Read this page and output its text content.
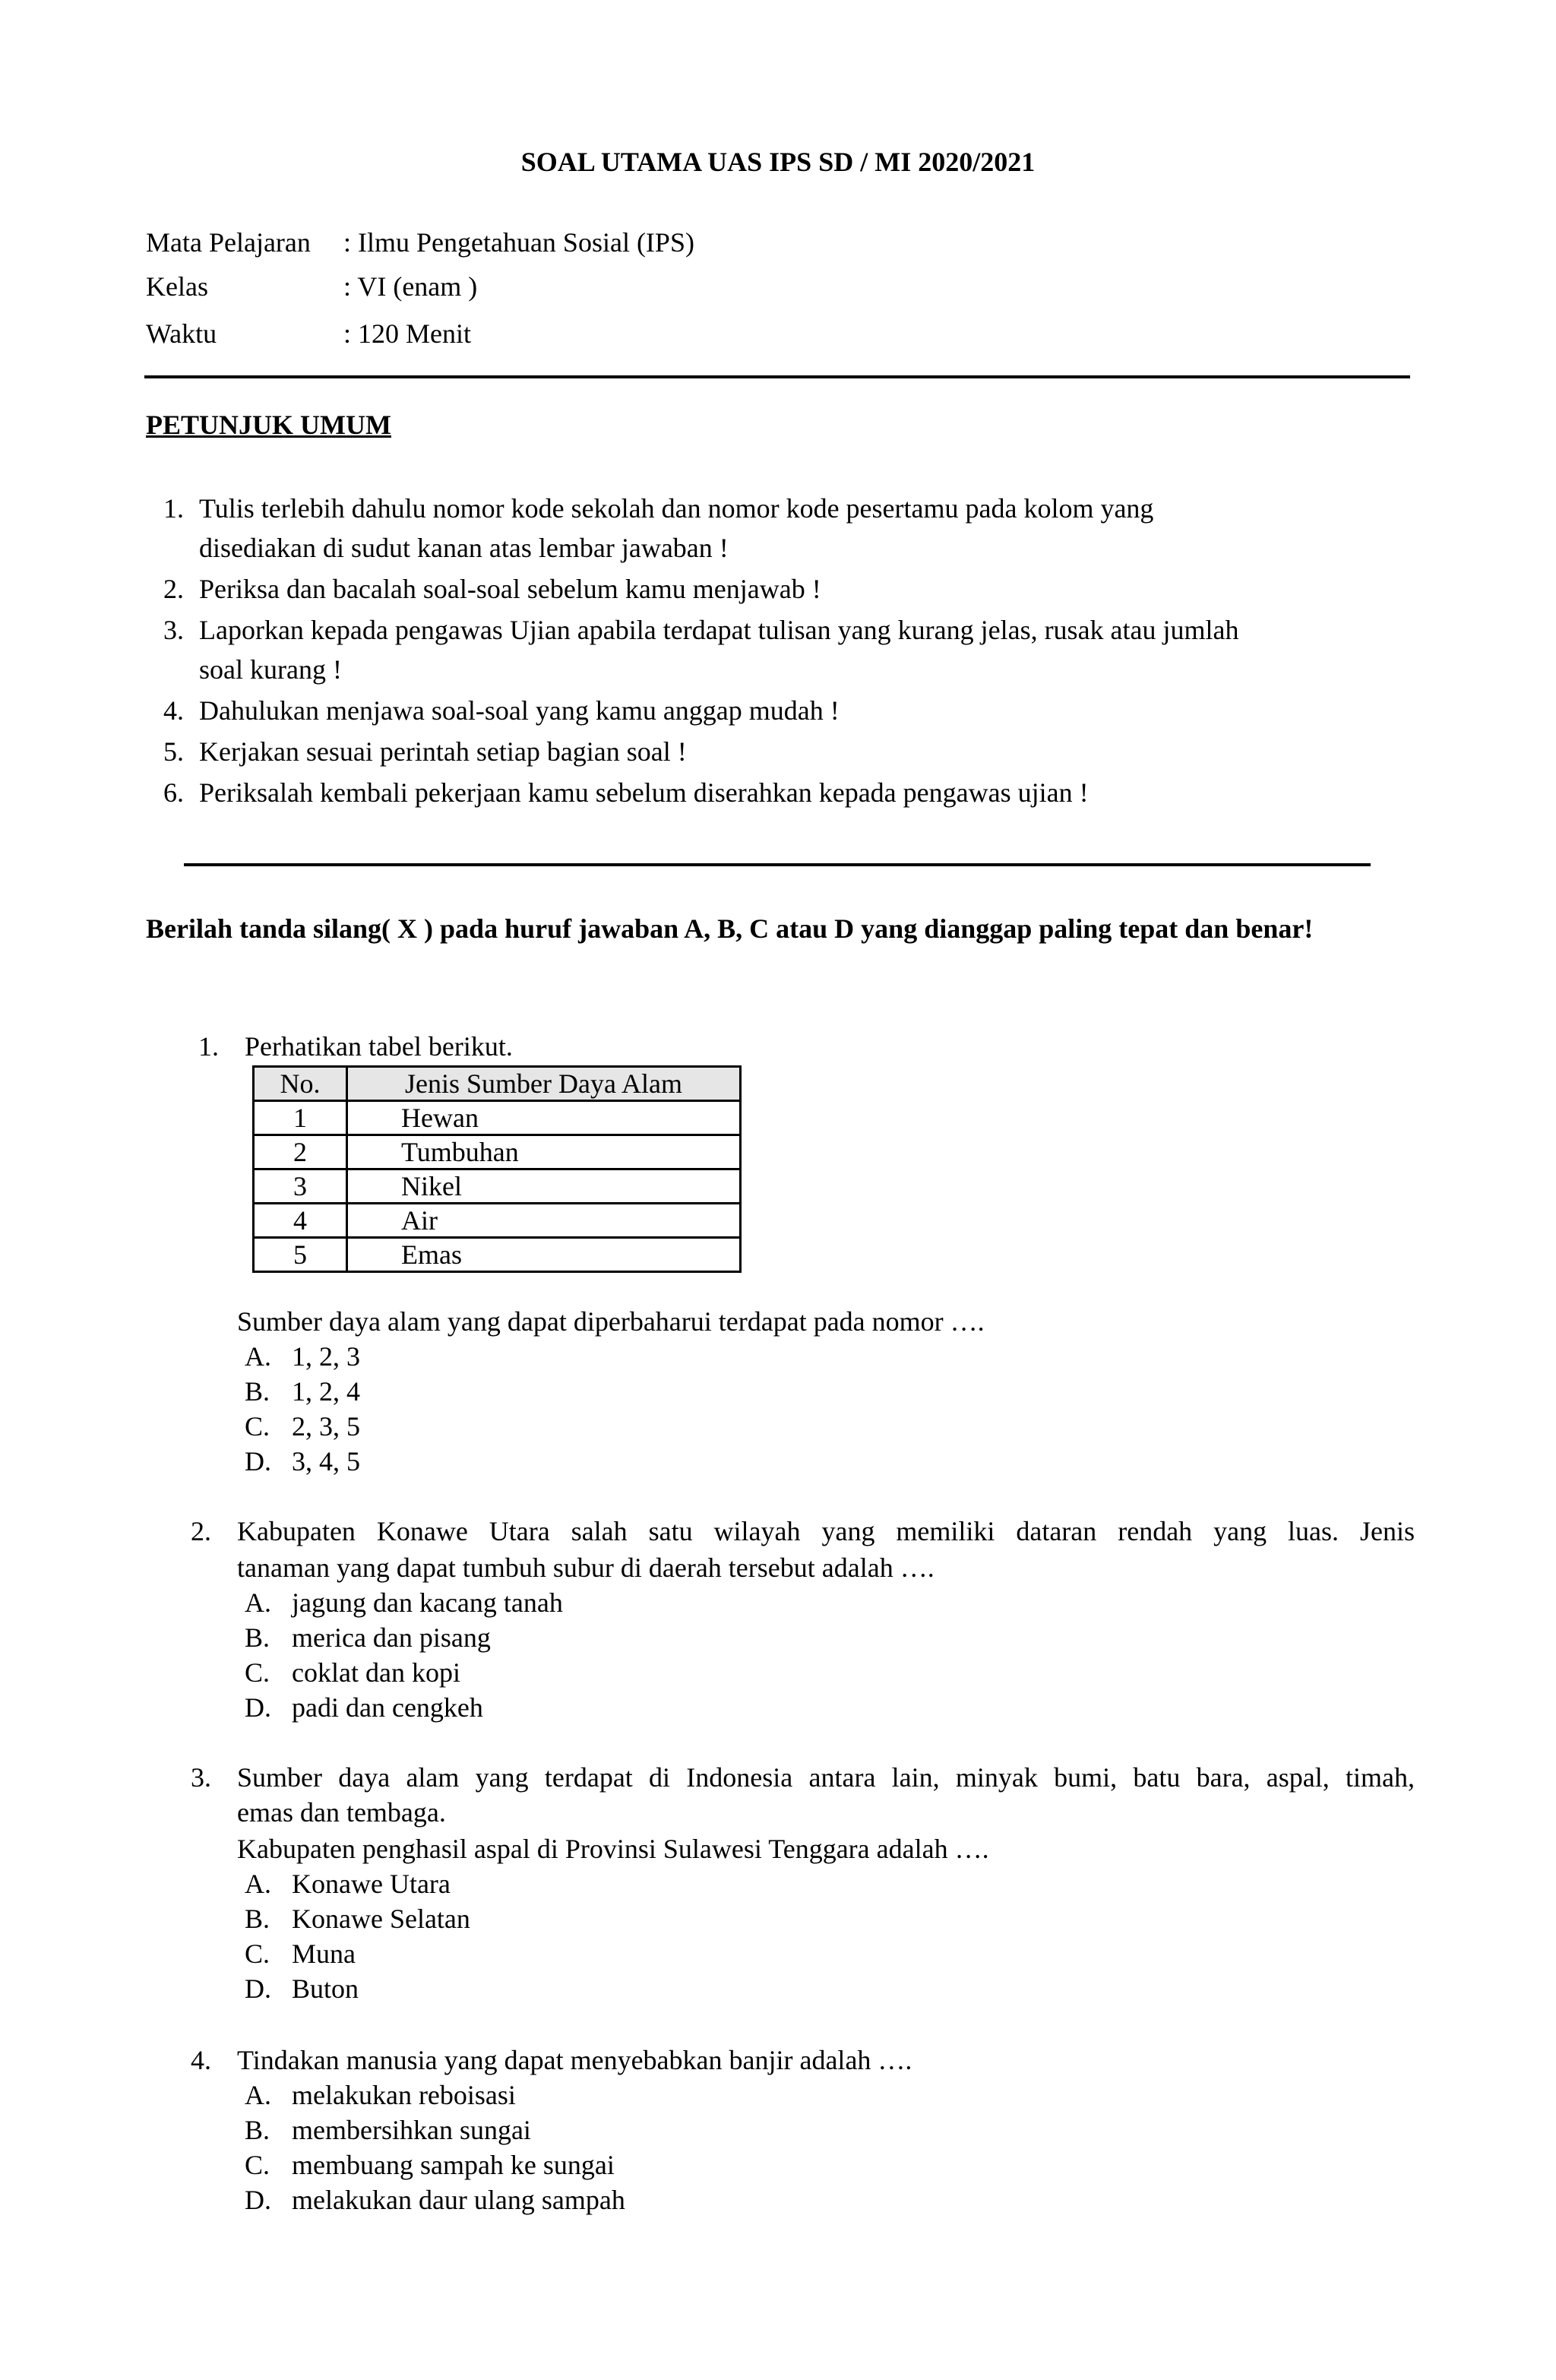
SOAL UTAMA UAS IPS SD / MI 2020/2021
Mata Pelajaran : Ilmu Pengetahuan Sosial (IPS)
Kelas	: VI (enam )
Waktu	: 120 Menit
PETUNJUK UMUM
1. Tulis terlebih dahulu nomor kode sekolah dan nomor kode pesertamu pada kolom yang
disediakan di sudut kanan atas lembar jawaban !
2. Periksa dan bacalah soal-soal sebelum kamu menjawab !
3. Laporkan kepada pengawas Ujian apabila terdapat tulisan yang kurang jelas, rusak atau jumlah
soal kurang !
4. Dahulukan menjawa soal-soal yang kamu anggap mudah !
5. Kerjakan sesuai perintah setiap bagian soal !
6. Periksalah kembali pekerjaan kamu sebelum diserahkan kepada pengawas ujian !
Berilah tanda silang( X ) pada huruf jawaban A, B, C atau D yang dianggap paling tepat dan benar!
1. Perhatikan tabel berikut.
No.	Jenis Sumber Daya Alam
1	Hewan
2	Tumbuhan
3	Nikel
4	Air
5	Emas
Sumber daya alam yang dapat diperbaharui terdapat pada nomor ….
A. 1, 2, 3
B. 1, 2, 4
C. 2, 3, 5
D. 3, 4, 5
2. Kabupaten Konawe Utara salah satu wilayah yang memiliki dataran rendah yang luas. Jenis
tanaman yang dapat tumbuh subur di daerah tersebut adalah ….
A. jagung dan kacang tanah
B. merica dan pisang
C. coklat dan kopi
D. padi dan cengkeh
3. Sumber daya alam yang terdapat di Indonesia antara lain, minyak bumi, batu bara, aspal, timah,
emas dan tembaga.
Kabupaten penghasil aspal di Provinsi Sulawesi Tenggara adalah ….
A. Konawe Utara
B. Konawe Selatan
C. Muna
D. Buton
4. Tindakan manusia yang dapat menyebabkan banjir adalah ….
A. melakukan reboisasi
B. membersihkan sungai
C. membuang sampah ke sungai
D. melakukan daur ulang sampah
